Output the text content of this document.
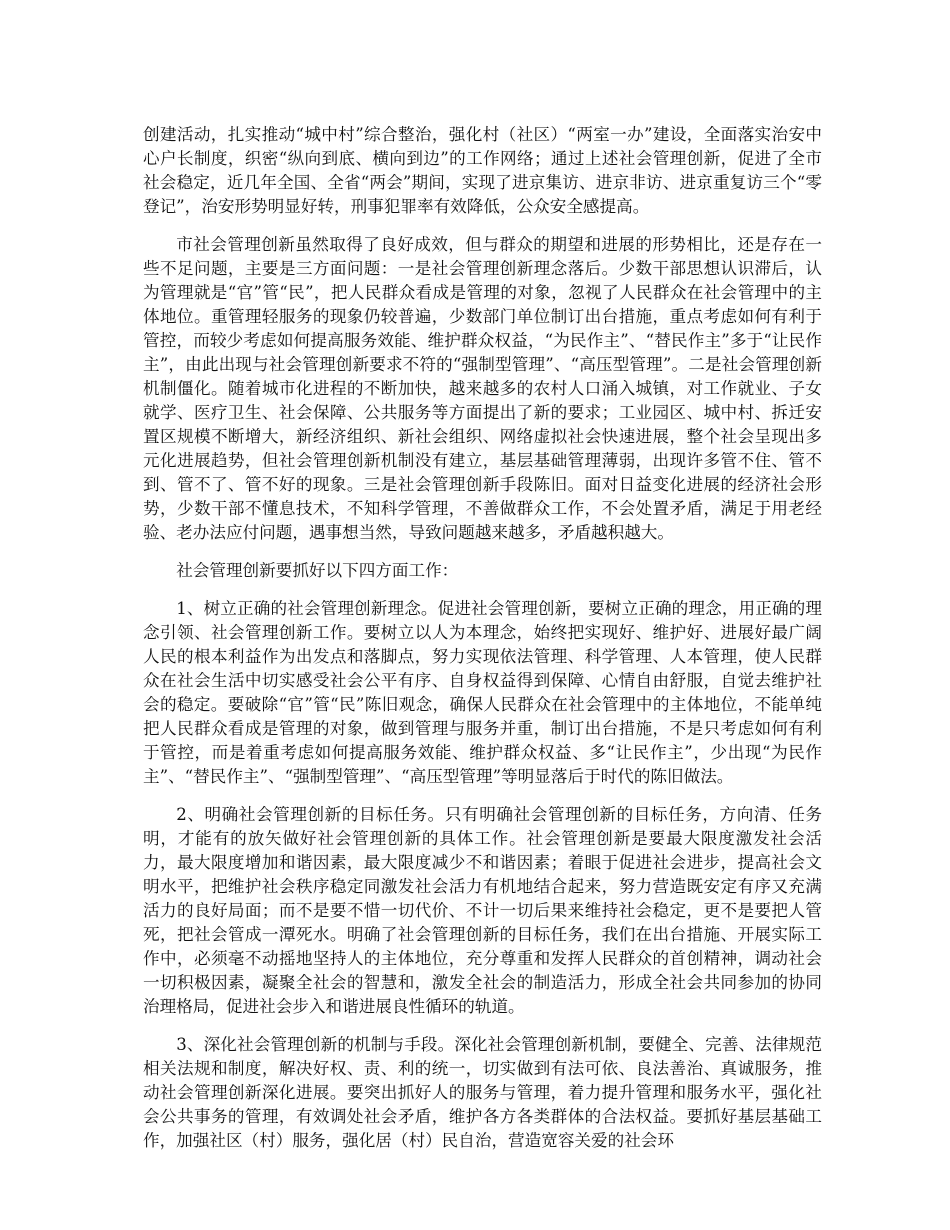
创建活动，扎实推动“城中村”综合整治，强化村（社区）“两室一办”建设，全面落实治安中心户长制度，织密“纵向到底、横向到边”的工作网络；通过上述社会管理创新，促进了全市社会稳定，近几年全国、全省“两会”期间，实现了进京集访、进京非访、进京重复访三个“零登记”，治安形势明显好转，刑事犯罪率有效降低，公众安全感提高。

市社会管理创新虽然取得了良好成效，但与群众的期望和进展的形势相比，还是存在一些不足问题，主要是三方面问题：一是社会管理创新理念落后。少数干部思想认识滞后，认为管理就是“官”管“民”，把人民群众看成是管理的对象，忽视了人民群众在社会管理中的主体地位。重管理轻服务的现象仍较普遍，少数部门单位制订出台措施，重点考虑如何有利于管控，而较少考虑如何提高服务效能、维护群众权益，“为民作主”、“替民作主”多于“让民作主”，由此出现与社会管理创新要求不符的“强制型管理”、“高压型管理”。二是社会管理创新机制僵化。随着城市化进程的不断加快，越来越多的农村人口涌入城镇，对工作就业、子女就学、医疗卫生、社会保障、公共服务等方面提出了新的要求；工业园区、城中村、拆迁安置区规模不断增大，新经济组织、新社会组织、网络虚拟社会快速进展，整个社会呈现出多元化进展趋势，但社会管理创新机制没有建立，基层基础管理薄弱，出现许多管不住、管不到、管不了、管不好的现象。三是社会管理创新手段陈旧。面对日益变化进展的经济社会形势，少数干部不懂息技术，不知科学管理，不善做群众工作，不会处置矛盾，满足于用老经验、老办法应付问题，遇事想当然，导致问题越来越多，矛盾越积越大。

社会管理创新要抓好以下四方面工作：

1、树立正确的社会管理创新理念。促进社会管理创新，要树立正确的理念，用正确的理念引领、社会管理创新工作。要树立以人为本理念，始终把实现好、维护好、进展好最广阔人民的根本利益作为出发点和落脚点，努力实现依法管理、科学管理、人本管理，使人民群众在社会生活中切实感受社会公平有序、自身权益得到保障、心情自由舒服，自觉去维护社会的稳定。要破除“官”管“民”陈旧观念，确保人民群众在社会管理中的主体地位，不能单纯把人民群众看成是管理的对象，做到管理与服务并重，制订出台措施，不是只考虑如何有利于管控，而是着重考虑如何提高服务效能、维护群众权益、多“让民作主”，少出现“为民作主”、“替民作主”、“强制型管理”、“高压型管理”等明显落后于时代的陈旧做法。

2、明确社会管理创新的目标任务。只有明确社会管理创新的目标任务，方向清、任务明，才能有的放矢做好社会管理创新的具体工作。社会管理创新是要最大限度激发社会活力，最大限度增加和谐因素，最大限度减少不和谐因素；着眼于促进社会进步，提高社会文明水平，把维护社会秩序稳定同激发社会活力有机地结合起来，努力营造既安定有序又充满活力的良好局面；而不是要不惜一切代价、不计一切后果来维持社会稳定，更不是要把人管死，把社会管成一潭死水。明确了社会管理创新的目标任务，我们在出台措施、开展实际工作中，必须毫不动摇地坚持人的主体地位，充分尊重和发挥人民群众的首创精神，调动社会一切积极因素，凝聚全社会的智慧和，激发全社会的制造活力，形成全社会共同参加的协同治理格局，促进社会步入和谐进展良性循环的轨道。

3、深化社会管理创新的机制与手段。深化社会管理创新机制，要健全、完善、法律规范相关法规和制度，解决好权、责、利的统一，切实做到有法可依、良法善治、真诚服务，推动社会管理创新深化进展。要突出抓好人的服务与管理，着力提升管理和服务水平，强化社会公共事务的管理，有效调处社会矛盾，维护各方各类群体的合法权益。要抓好基层基础工作，加强社区（村）服务，强化居（村）民自治，营造宽容关爱的社会环
